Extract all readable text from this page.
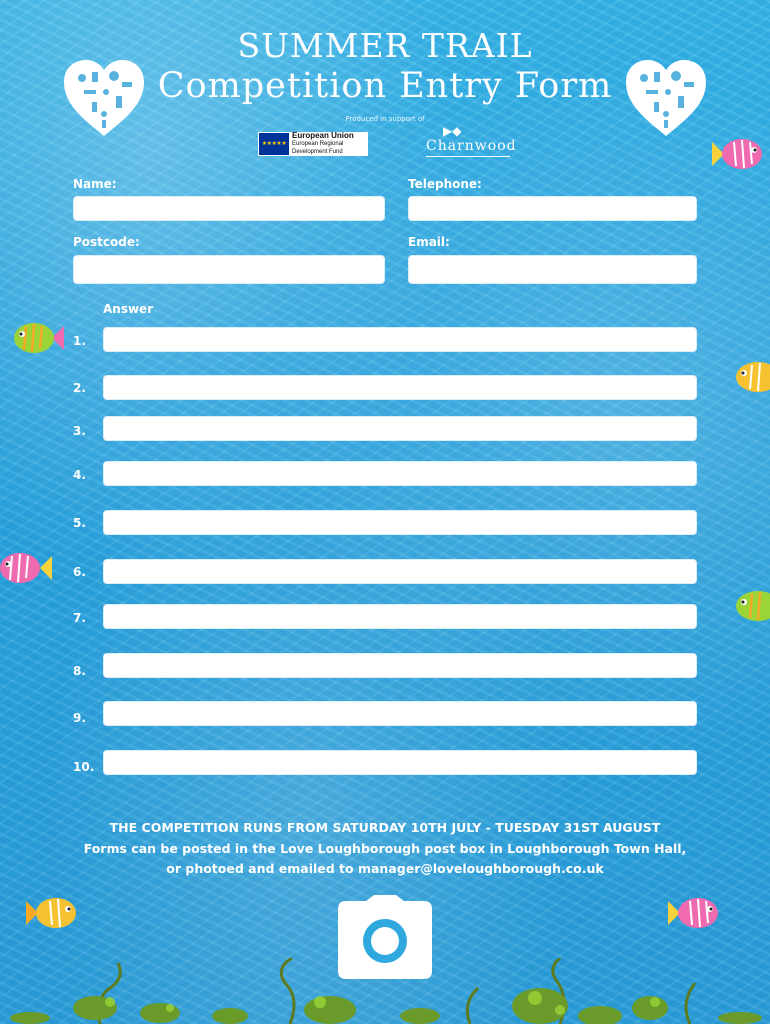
SUMMER TRAIL
Competition Entry Form
Produced in support of
★★★★★
European Union
European Regional
Development Fund
▶◆
Charnwood
Name:	Telephone:
Postcode:	Email:
Answer
1.
2.
3.
4.
5.
6.
7.
8.
9.
10.
THE COMPETITION RUNS FROM SATURDAY 10TH JULY - TUESDAY 31ST AUGUST
Forms can be posted in the Love Loughborough post box in Loughborough Town Hall,
or photoed and emailed to manager@loveloughborough.co.uk
